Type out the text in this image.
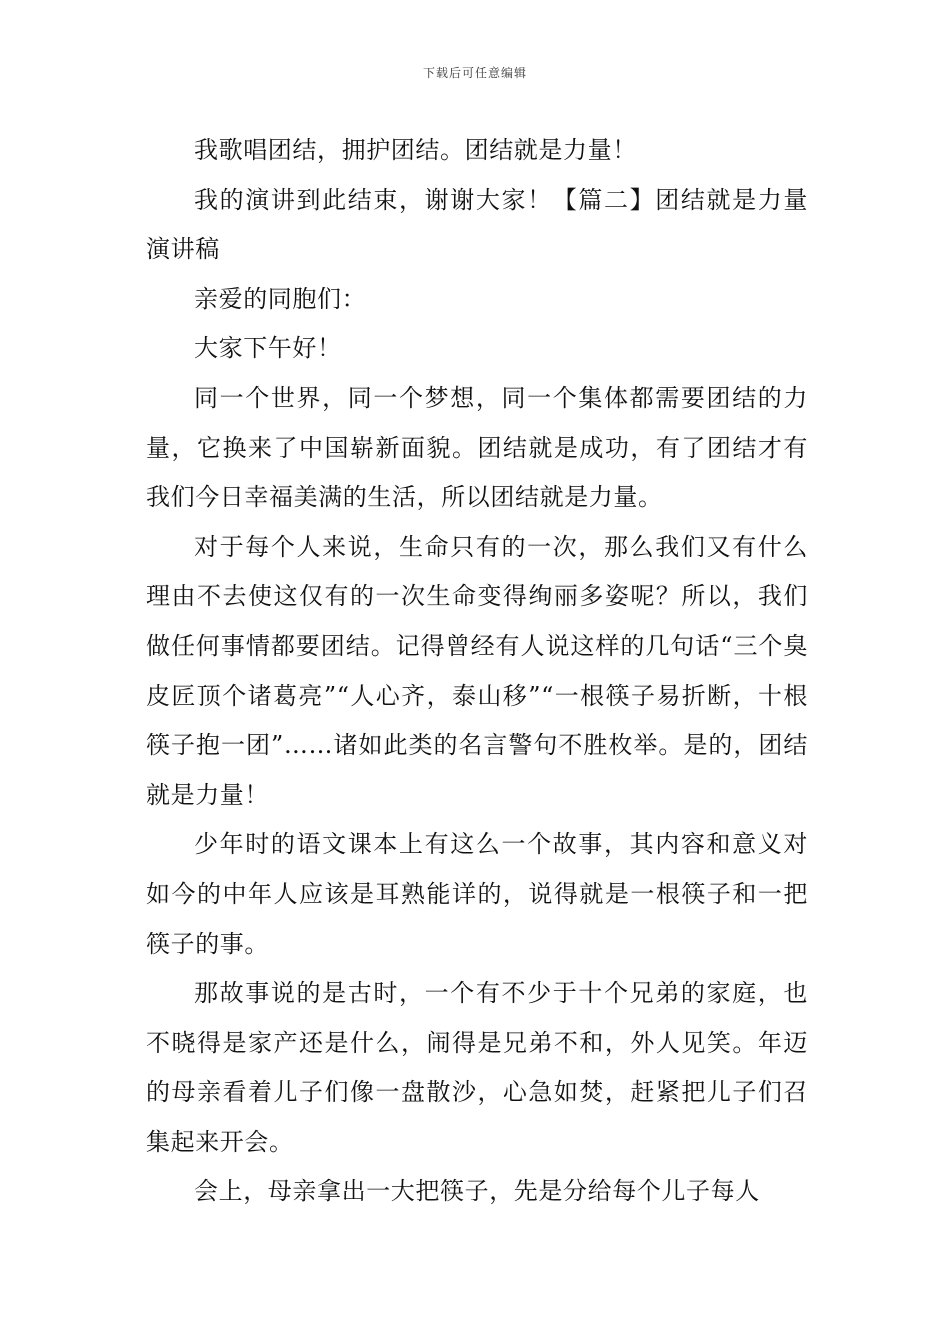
下载后可任意编辑

我歌唱团结，拥护团结。团结就是力量！

我的演讲到此结束，谢谢大家！【篇二】团结就是力量演讲稿

亲爱的同胞们：

大家下午好！

同一个世界，同一个梦想，同一个集体都需要团结的力量，它换来了中国崭新面貌。团结就是成功，有了团结才有我们今日幸福美满的生活，所以团结就是力量。

对于每个人来说，生命只有的一次，那么我们又有什么理由不去使这仅有的一次生命变得绚丽多姿呢？所以，我们做任何事情都要团结。记得曾经有人说这样的几句话“三个臭皮匠顶个诸葛亮”“人心齐，泰山移”“一根筷子易折断，十根筷子抱一团”……诸如此类的名言警句不胜枚举。是的，团结就是力量！

少年时的语文课本上有这么一个故事，其内容和意义对如今的中年人应该是耳熟能详的，说得就是一根筷子和一把筷子的事。

那故事说的是古时，一个有不少于十个兄弟的家庭，也不晓得是家产还是什么，闹得是兄弟不和，外人见笑。年迈的母亲看着儿子们像一盘散沙，心急如焚，赶紧把儿子们召集起来开会。

会上，母亲拿出一大把筷子，先是分给每个儿子每人
